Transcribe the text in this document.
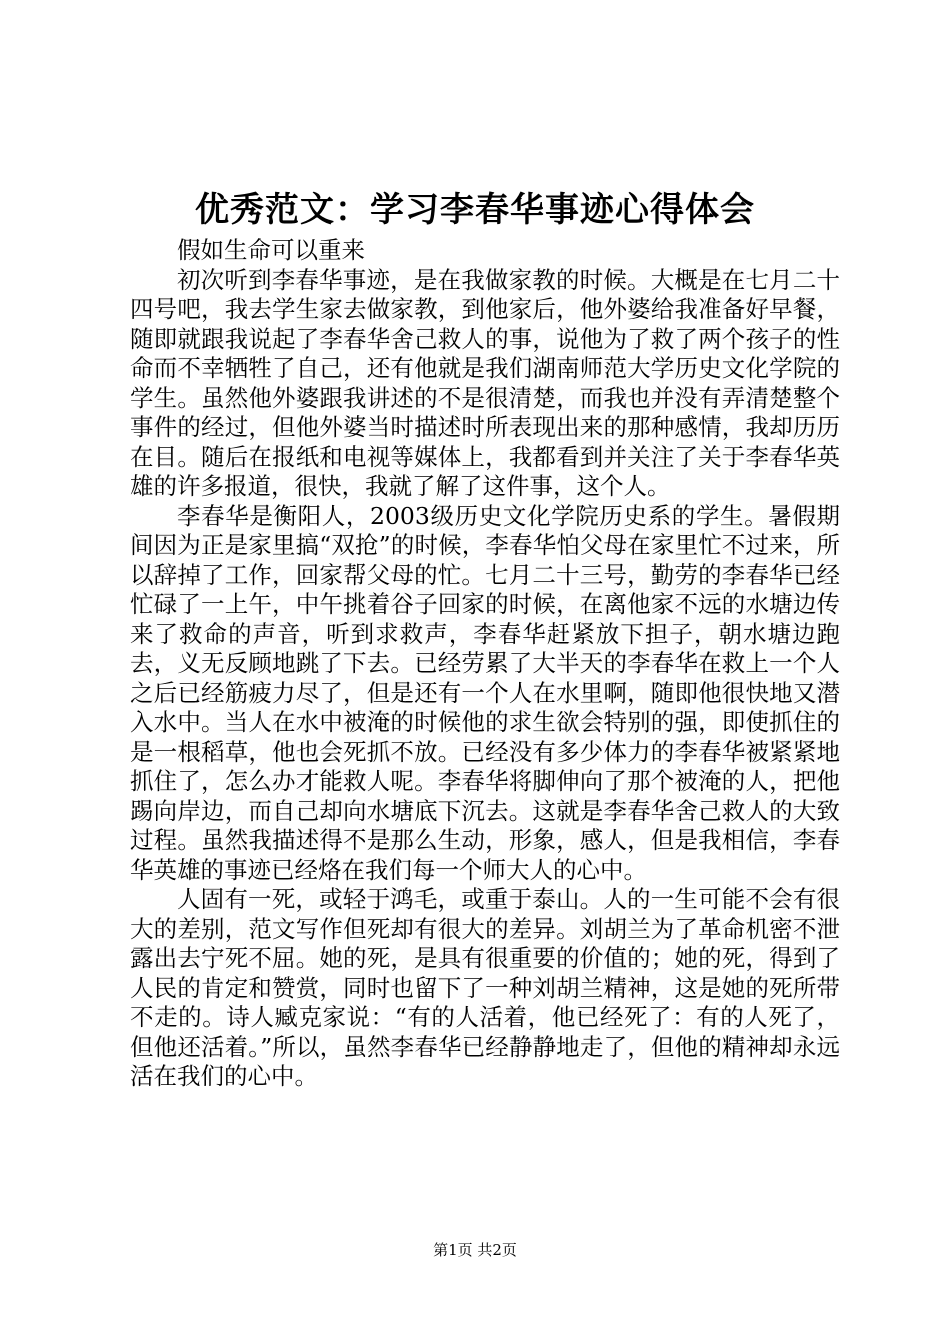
优秀范文：学习李春华事迹心得体会

假如生命可以重来

初次听到李春华事迹，是在我做家教的时候。大概是在七月二十四号吧，我去学生家去做家教，到他家后，他外婆给我准备好早餐，随即就跟我说起了李春华舍己救人的事，说他为了救了两个孩子的性命而不幸牺牲了自己，还有他就是我们湖南师范大学历史文化学院的学生。虽然他外婆跟我讲述的不是很清楚，而我也并没有弄清楚整个事件的经过，但他外婆当时描述时所表现出来的那种感情，我却历历在目。随后在报纸和电视等媒体上，我都看到并关注了关于李春华英雄的许多报道，很快，我就了解了这件事，这个人。

李春华是衡阳人，2003级历史文化学院历史系的学生。暑假期间因为正是家里搞“双抢”的时候，李春华怕父母在家里忙不过来，所以辞掉了工作，回家帮父母的忙。七月二十三号，勤劳的李春华已经忙碌了一上午，中午挑着谷子回家的时候，在离他家不远的水塘边传来了救命的声音，听到求救声，李春华赶紧放下担子，朝水塘边跑去，义无反顾地跳了下去。已经劳累了大半天的李春华在救上一个人之后已经筋疲力尽了，但是还有一个人在水里啊，随即他很快地又潜入水中。当人在水中被淹的时候他的求生欲会特别的强，即使抓住的是一根稻草，他也会死抓不放。已经没有多少体力的李春华被紧紧地抓住了，怎么办才能救人呢。李春华将脚伸向了那个被淹的人，把他踢向岸边，而自己却向水塘底下沉去。这就是李春华舍己救人的大致过程。虽然我描述得不是那么生动，形象，感人，但是我相信，李春华英雄的事迹已经烙在我们每一个师大人的心中。

人固有一死，或轻于鸿毛，或重于泰山。人的一生可能不会有很大的差别，范文写作但死却有很大的差异。刘胡兰为了革命机密不泄露出去宁死不屈。她的死，是具有很重要的价值的；她的死，得到了人民的肯定和赞赏，同时也留下了一种刘胡兰精神，这是她的死所带不走的。诗人臧克家说：“有的人活着，他已经死了：有的人死了，但他还活着。”所以，虽然李春华已经静静地走了，但他的精神却永远活在我们的心中。

第1页 共2页
